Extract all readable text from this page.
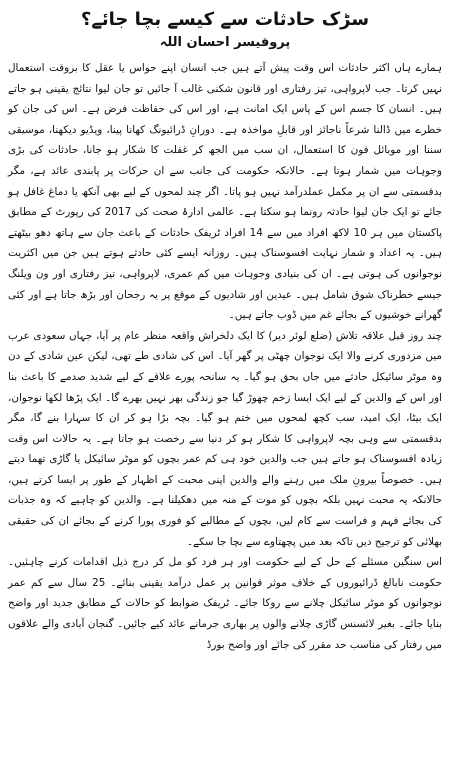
سڑک حادثات سے کیسے بچا جائے؟
پروفیسر احسان اللہ

ہمارے ہاں اکثر حادثات اس وقت پیش آتے ہیں جب انسان اپنے حواس یا عقل کا بروقت استعمال نہیں کرتا۔ جب لاپرواہی، تیز رفتاری اور قانون شکنی غالب آ جائیں تو جان لیوا نتائج یقینی ہو جاتے ہیں۔ انسان کا جسم اس کے پاس ایک امانت ہے، اور اس کی حفاظت فرض ہے۔ اس کی جان کو خطرے میں ڈالنا شرعاً ناجائز اور قابلِ مواخذہ ہے۔ دورانِ ڈرائیونگ کھانا پینا، ویڈیو دیکھنا، موسیقی سننا اور موبائل فون کا استعمال، ان سب میں الجھ کر غفلت کا شکار ہو جانا، حادثات کی بڑی وجوہات میں شمار ہوتا ہے۔ حالانکہ حکومت کی جانب سے ان حرکات پر پابندی عائد ہے، مگر بدقسمتی سے ان پر مکمل عملدرآمد نہیں ہو پاتا۔ اگر چند لمحوں کے لیے بھی آنکھ یا دماغ غافل ہو جائے تو ایک جان لیوا حادثہ رونما ہو سکتا ہے۔ عالمی ادارۂ صحت کی 2017 کی رپورٹ کے مطابق پاکستان میں ہر 10 لاکھ افراد میں سے 14 افراد ٹریفک حادثات کے باعث جان سے ہاتھ دھو بیٹھتے ہیں۔ یہ اعداد و شمار نہایت افسوسناک ہیں۔ روزانہ ایسے کئی حادثے ہوتے ہیں جن میں اکثریت نوجوانوں کی ہوتی ہے۔ ان کی بنیادی وجوہات میں کم عمری، لاپرواہی، تیز رفتاری اور ون ویلنگ جیسے خطرناک شوق شامل ہیں۔ عیدین اور شادیوں کے موقع پر یہ رجحان اور بڑھ جاتا ہے اور کئی گھرانے خوشیوں کے بجائے غم میں ڈوب جاتے ہیں۔

چند روز قبل علاقہ تلاش (ضلع لوئر دیر) کا ایک دلخراش واقعہ منظر عام پر آیا، جہاں سعودی عرب میں مزدوری کرنے والا ایک نوجوان چھٹی پر گھر آیا۔ اس کی شادی طے تھی، لیکن عین شادی کے دن وہ موٹر سائیکل حادثے میں جاں بحق ہو گیا۔ یہ سانحہ پورے علاقے کے لیے شدید صدمے کا باعث بنا اور اس کے والدین کے لیے ایک ایسا زخم چھوڑ گیا جو زندگی بھر نہیں بھرے گا۔ ایک پڑھا لکھا نوجوان، ایک بیٹا، ایک امید، سب کچھ لمحوں میں ختم ہو گیا۔ بچہ بڑا ہو کر ان کا سہارا بنے گا، مگر بدقسمتی سے وہی بچہ لاپرواہی کا شکار ہو کر دنیا سے رخصت ہو جاتا ہے۔ یہ حالات اس وقت زیادہ افسوسناک ہو جاتے ہیں جب والدین خود ہی کم عمر بچوں کو موٹر سائیکل یا گاڑی تھما دیتے ہیں۔ خصوصاً بیرونِ ملک میں رہنے والے والدین اپنی محبت کے اظہار کے طور پر ایسا کرتے ہیں، حالانکہ یہ محبت نہیں بلکہ بچوں کو موت کے منہ میں دھکیلنا ہے۔ والدین کو چاہیے کہ وہ جذبات کی بجائے فہم و فراست سے کام لیں، بچوں کے مطالبے کو فوری پورا کرنے کے بجائے ان کی حقیقی بھلائی کو ترجیح دیں تاکہ بعد میں پچھتاوے سے بچا جا سکے۔

اس سنگین مسئلے کے حل کے لیے حکومت اور ہر فرد کو مل کر درج ذیل اقدامات کرنے چاہئیں۔ حکومت نابالغ ڈرائیوروں کے خلاف موثر قوانین پر عمل درآمد یقینی بنائے۔ 25 سال سے کم عمر نوجوانوں کو موٹر سائیکل چلانے سے روکا جائے۔ ٹریفک ضوابط کو حالات کے مطابق جدید اور واضح بنایا جائے۔ بغیر لائسنس گاڑی چلانے والوں پر بھاری جرمانے عائد کیے جائیں۔ گنجان آبادی والے علاقوں میں رفتار کی مناسب حد مقرر کی جائے اور واضح بورڈ
